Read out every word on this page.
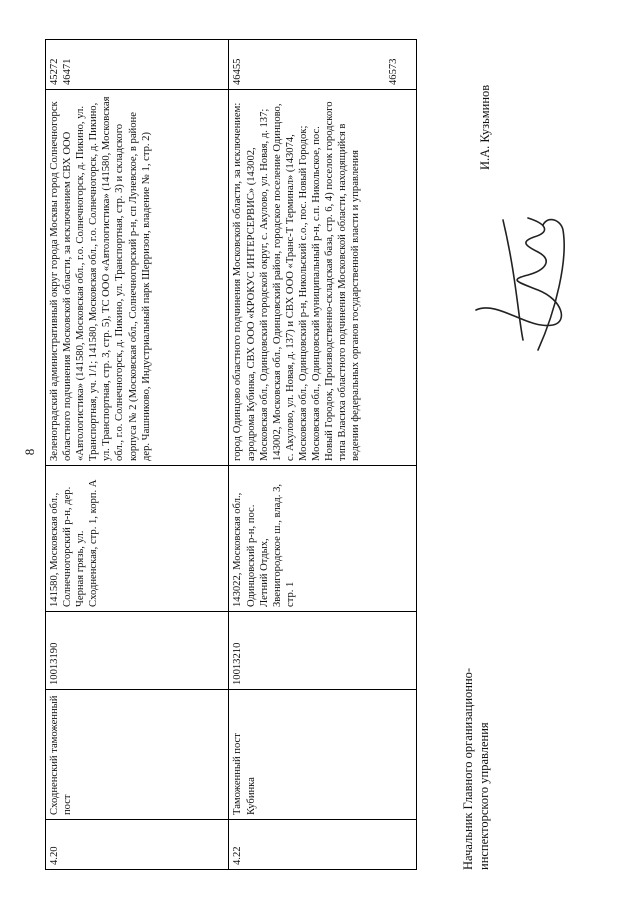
8
4.20	Сходненский таможенный пост	10013190	141580, Московская обл., Солнечногорский р-н, дер. Черная грязь, ул. Сходненская, стр. 1, корп. А	Зеленоградский административный округ города Москвы город Солнечногорск областного подчинения Московской области, за исключением СВХ ООО «Автологистика» (141580, Московская обл., г.о. Солнечногорск, д. Пикино, ул. Транспортная, уч. 1/1; 141580, Московская обл., г.о. Солнечногорск, д. Пикино, ул. Транспортная, стр. 3, стр. 5), ТС ООО «Автологистика» (141580, Московская обл., г.о. Солнечногорск, д. Пикино, ул. Транспортная, стр. 3) и складского корпуса № 2 (Московская обл., Солнечногорский р-н, сп Луневское, в районе дер. Чашниково, Индустриальный парк Шерризон, владение № 1, стр. 2)	45272 46471

4.22	Таможенный пост Кубинка	10013210	143022, Московская обл., Одинцовский р-н, пос. Летний Отдых, Звенигородское ш., влад. 3, стр. 1	город Одинцово областного подчинения Московской области, за исключением: аэродрома Кубинка, СВХ ООО «КРОКУС ИНТЕРСЕРВИС» (143002, Московская обл., Одинцовский городской округ, с. Акулово, ул. Новая, д. 137; 143002, Московская обл., Одинцовский район, городское поселение Одинцово, с. Акулово, ул. Новая, д. 137) и СВХ ООО «Транс-Т Терминал» (143074, Московская обл., Одинцовский р-н, Никольский с.о., пос. Новый Городок; Московская обл., Одинцовский муниципальный р-н, с.п. Никольское, пос. Новый Городок, Производственно-складская база, стр. 6, 4) поселок городского типа Власиха областного подчинения Московской области, находящийся в ведении федеральных органов государственной власти и управления	46455 46573
Начальник Главного организационно- инспекторского управления
И.А. Кузьминов
